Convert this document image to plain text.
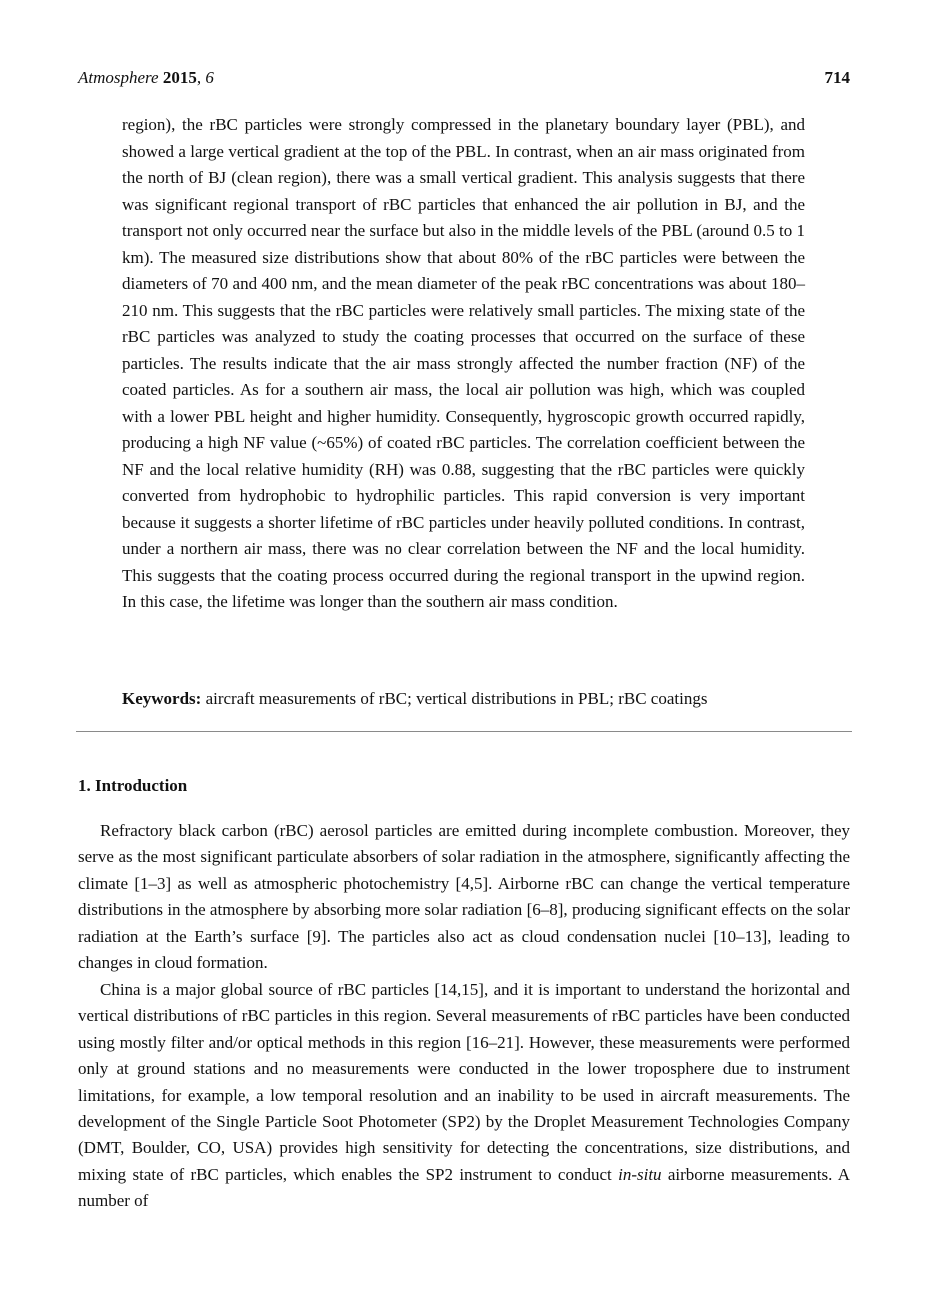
Atmosphere 2015, 6	714

region), the rBC particles were strongly compressed in the planetary boundary layer (PBL), and showed a large vertical gradient at the top of the PBL. In contrast, when an air mass originated from the north of BJ (clean region), there was a small vertical gradient. This analysis suggests that there was significant regional transport of rBC particles that enhanced the air pollution in BJ, and the transport not only occurred near the surface but also in the middle levels of the PBL (around 0.5 to 1 km). The measured size distributions show that about 80% of the rBC particles were between the diameters of 70 and 400 nm, and the mean diameter of the peak rBC concentrations was about 180–210 nm. This suggests that the rBC particles were relatively small particles. The mixing state of the rBC particles was analyzed to study the coating processes that occurred on the surface of these particles. The results indicate that the air mass strongly affected the number fraction (NF) of the coated particles. As for a southern air mass, the local air pollution was high, which was coupled with a lower PBL height and higher humidity. Consequently, hygroscopic growth occurred rapidly, producing a high NF value (~65%) of coated rBC particles. The correlation coefficient between the NF and the local relative humidity (RH) was 0.88, suggesting that the rBC particles were quickly converted from hydrophobic to hydrophilic particles. This rapid conversion is very important because it suggests a shorter lifetime of rBC particles under heavily polluted conditions. In contrast, under a northern air mass, there was no clear correlation between the NF and the local humidity. This suggests that the coating process occurred during the regional transport in the upwind region. In this case, the lifetime was longer than the southern air mass condition.

Keywords: aircraft measurements of rBC; vertical distributions in PBL; rBC coatings

1. Introduction

Refractory black carbon (rBC) aerosol particles are emitted during incomplete combustion. Moreover, they serve as the most significant particulate absorbers of solar radiation in the atmosphere, significantly affecting the climate [1–3] as well as atmospheric photochemistry [4,5]. Airborne rBC can change the vertical temperature distributions in the atmosphere by absorbing more solar radiation [6–8], producing significant effects on the solar radiation at the Earth’s surface [9]. The particles also act as cloud condensation nuclei [10–13], leading to changes in cloud formation.

China is a major global source of rBC particles [14,15], and it is important to understand the horizontal and vertical distributions of rBC particles in this region. Several measurements of rBC particles have been conducted using mostly filter and/or optical methods in this region [16–21]. However, these measurements were performed only at ground stations and no measurements were conducted in the lower troposphere due to instrument limitations, for example, a low temporal resolution and an inability to be used in aircraft measurements. The development of the Single Particle Soot Photometer (SP2) by the Droplet Measurement Technologies Company (DMT, Boulder, CO, USA) provides high sensitivity for detecting the concentrations, size distributions, and mixing state of rBC particles, which enables the SP2 instrument to conduct in-situ airborne measurements. A number of
